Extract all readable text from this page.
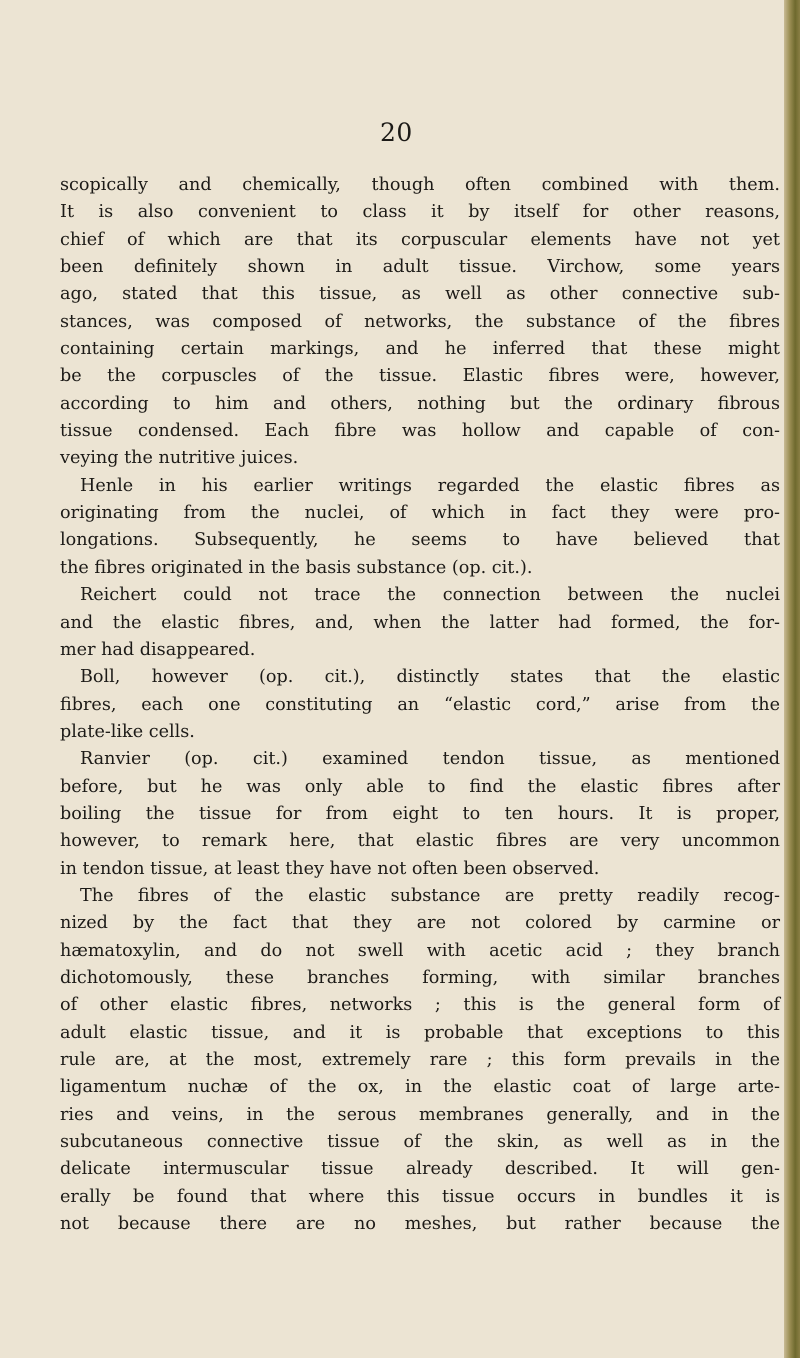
20
scopically and chemically, though often combined with them.
It is also convenient to class it by itself for other reasons,
chief of which are that its corpuscular elements have not yet
been definitely shown in adult tissue. Virchow, some years
ago, stated that this tissue, as well as other connective sub-
stances, was composed of networks, the substance of the fibres
containing certain markings, and he inferred that these might
be the corpuscles of the tissue. Elastic fibres were, however,
according to him and others, nothing but the ordinary fibrous
tissue condensed. Each fibre was hollow and capable of con-
veying the nutritive juices.
Henle in his earlier writings regarded the elastic fibres as
originating from the nuclei, of which in fact they were pro-
longations. Subsequently, he seems to have believed that
the fibres originated in the basis substance (op. cit.).
Reichert could not trace the connection between the nuclei
and the elastic fibres, and, when the latter had formed, the for-
mer had disappeared.
Boll, however (op. cit.), distinctly states that the elastic
fibres, each one constituting an “elastic cord,” arise from the
plate-like cells.
Ranvier (op. cit.) examined tendon tissue, as mentioned
before, but he was only able to find the elastic fibres after
boiling the tissue for from eight to ten hours. It is proper,
however, to remark here, that elastic fibres are very uncommon
in tendon tissue, at least they have not often been observed.
The fibres of the elastic substance are pretty readily recog-
nized by the fact that they are not colored by carmine or
hæmatoxylin, and do not swell with acetic acid ; they branch
dichotomously, these branches forming, with similar branches
of other elastic fibres, networks ; this is the general form of
adult elastic tissue, and it is probable that exceptions to this
rule are, at the most, extremely rare ; this form prevails in the
ligamentum nuchæ of the ox, in the elastic coat of large arte-
ries and veins, in the serous membranes generally, and in the
subcutaneous connective tissue of the skin, as well as in the
delicate intermuscular tissue already described. It will gen-
erally be found that where this tissue occurs in bundles it is
not because there are no meshes, but rather because the
